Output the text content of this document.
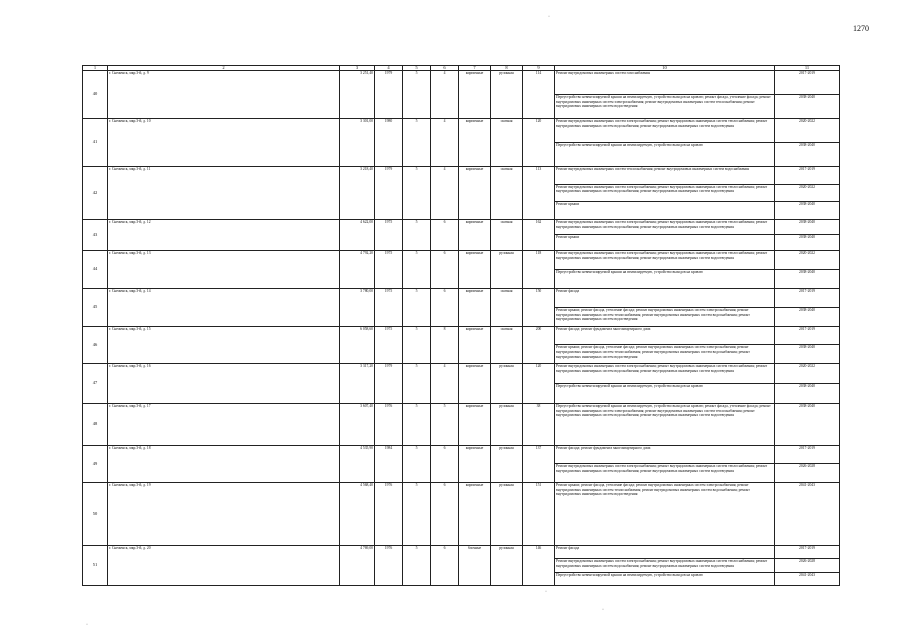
1270
1	2	3	4	5	6	7	8	9	10	11
40	г. Снеженск, мкр.3-й, д. 9	3 251,40	1979	5	4	кирпичные	рулонная	114	Ремонт внутридомовых инженерных систем газоснабжения	2017-2019
									Переустройство невентилируемой крыши на вентилируемую, устройство выходов на кровлю; ремонт фасада, утепление фасада; ремонт внутридомовых инженерных систем электроснабжения; ремонт внутридомовых инженерных систем теплоснабжения; ремонт внутридомовых инженерных систем водоотведения	2038-2040
41	г. Снеженск, мкр.3-й, д. 10	3 301,00	1980	5	4	кирпичные	скатная	120	Ремонт внутридомовых инженерных систем электроснабжения; ремонт внутридомовых инженерных систем теплоснабжения; ремонт внутридомовых инженерных систем водоснабжения; ремонт внутридомовых инженерных систем водоотведения	2020-2022
									Переустройство невентилируемой крыши на вентилируемую, устройство выходов на кровлю	2038-2040
42	г. Снеженск, мкр.3-й, д. 11	3 218,40	1979	5	4	кирпичные	скатная	113	Ремонт внутридомовых инженерных систем теплоснабжения; ремонт внутридомовых инженерных систем водоснабжения	2017-2019
									Ремонт внутридомовых инженерных систем электроснабжения; ремонт внутридомовых инженерных систем теплоснабжения; ремонт внутридомовых инженерных систем водоснабжения; ремонт внутридомовых инженерных систем водоотведения	2020-2022
									Ремонт крыши	2038-2040
43	г. Снеженск, мкр.3-й, д. 12	4 622,00	1975	5	6	кирпичные	скатная	162	Ремонт внутридомовых инженерных систем электроснабжения; ремонт внутридомовых инженерных систем теплоснабжения; ремонт внутридомовых инженерных систем водоснабжения; ремонт внутридомовых инженерных систем водоотведения	2038-2040
									Ремонт крыши	2038-2040
44	г. Снеженск, мкр.3-й, д. 13	4 792,20	1975	5	6	кирпичные	рулонная	118	Ремонт внутридомовых инженерных систем электроснабжения; ремонт внутридомовых инженерных систем теплоснабжения; ремонт внутридомовых инженерных систем водоснабжения; ремонт внутридомовых инженерных систем водоотведения	2020-2022
									Переустройство невентилируемой крыши на вентилируемую, устройство выходов на кровлю	2038-2040
45	г. Снеженск, мкр.3-й, д. 14	3 780,00	1975	5	6	кирпичные	скатная	150	Ремонт фасада	2017-2019
									Ремонт крыши; ремонт фасада, утепление фасада; ремонт внутридомовых инженерных систем электроснабжения; ремонт внутридомовых инженерных систем теплоснабжения; ремонт внутридомовых инженерных систем водоснабжения; ремонт внутридомовых инженерных систем водоотведения	2038-2040
46	г. Снеженск, мкр.3-й, д. 15	6 058,60	1975	5	8	кирпичные	скатная	200	Ремонт фасада; ремонт фундамента многоквартирного дома	2017-2019
									Ремонт крыши; ремонт фасада, утепление фасада; ремонт внутридомовых инженерных систем электроснабжения; ремонт внутридомовых инженерных систем теплоснабжения; ремонт внутридомовых инженерных систем водоснабжения; ремонт внутридомовых инженерных систем водоотведения	2038-2040
47	г. Снеженск, мкр.3-й, д. 16	3 317,20	1979	5	4	кирпичные	рулонная	120	Ремонт внутридомовых инженерных систем электроснабжения; ремонт внутридомовых инженерных систем теплоснабжения; ремонт внутридомовых инженерных систем водоснабжения; ремонт внутридомовых инженерных систем водоотведения	2020-2022
									Переустройство невентилируемой крыши на вентилируемую, устройство выходов на кровлю	2038-2040
48	г. Снеженск, мкр.3-й, д. 17	3 607,40	1976	5	5	кирпичные	рулонная	38	Переустройство невентилируемой крыши на вентилируемую, устройство выходов на кровлю; ремонт фасада, утепление фасада; ремонт внутридомовых инженерных систем электроснабжения; ремонт внутридомовых инженерных систем теплоснабжения; ремонт внутридомовых инженерных систем водоснабжения; ремонт внутридомовых инженерных систем водоотведения	2038-2040
49	г. Снеженск, мкр.3-й, д. 18	4 535,90	1984	5	6	кирпичные	рулонная	137	Ремонт фасада; ремонт фундамента многоквартирного дома	2017-2019
									Ремонт внутридомовых инженерных систем электроснабжения; ремонт внутридомовых инженерных систем теплоснабжения; ремонт внутридомовых инженерных систем водоснабжения; ремонт внутридомовых инженерных систем водоотведения	2026-2028
50	г. Снеженск, мкр.3-й, д. 19	4 568,40	1976	5	6	кирпичные	рулонная	151	Ремонт крыши; ремонт фасада, утепление фасада; ремонт внутридомовых инженерных систем электроснабжения; ремонт внутридомовых инженерных систем теплоснабжения; ремонт внутридомовых инженерных систем водоснабжения; ремонт внутридомовых инженерных систем водоотведения	2041-2043
51	г. Снеженск, мкр.3-й, д. 20	4 769,00	1976	5	6	блочные	рулонная	146	Ремонт фасада	2017-2019
									Ремонт внутридомовых инженерных систем электроснабжения; ремонт внутридомовых инженерных систем теплоснабжения; ремонт внутридомовых инженерных систем водоснабжения; ремонт внутридомовых инженерных систем водоотведения	2026-2028
									Переустройство невентилируемой крыши на вентилируемую, устройство выходов на кровлю	2041-2043
·
·
·
·
